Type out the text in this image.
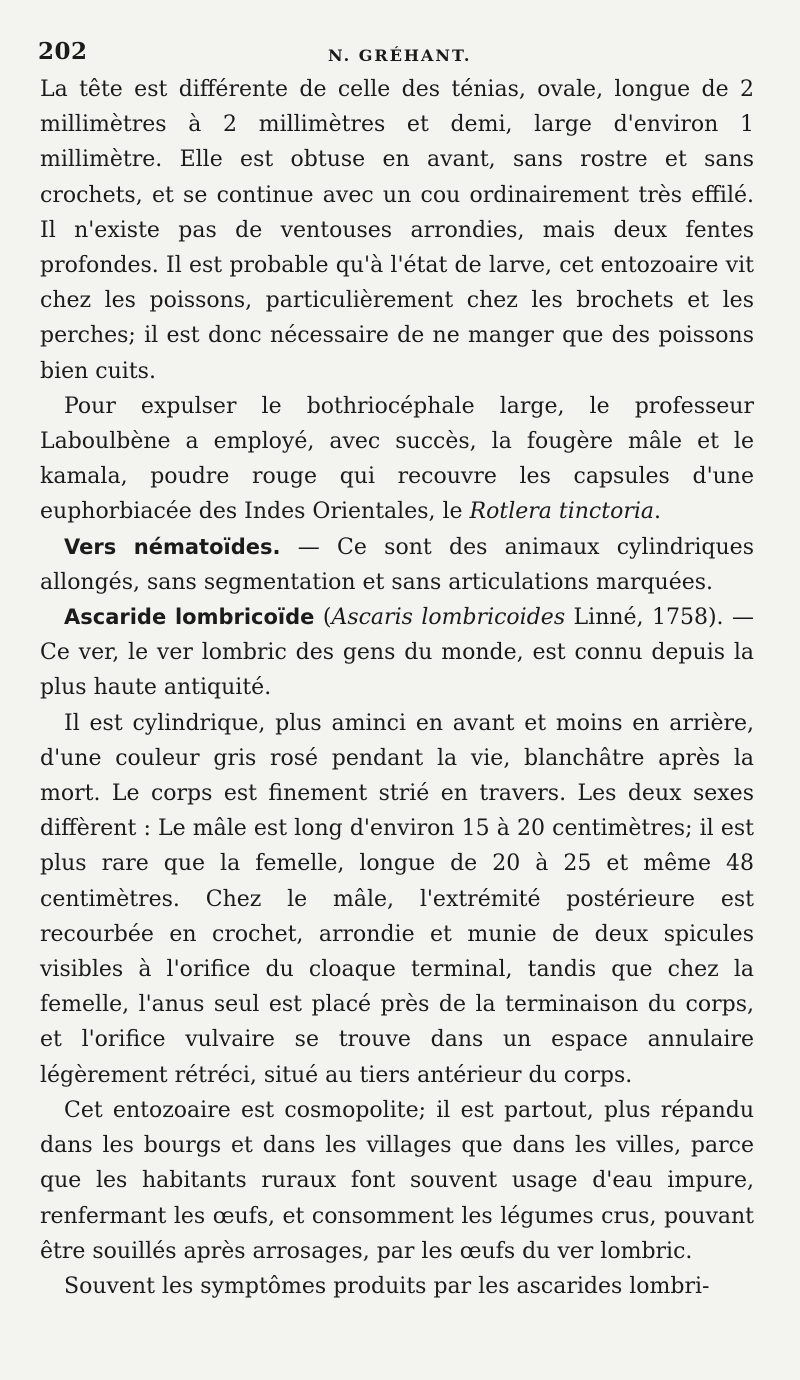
202	N. GRÉHANT.

La tête est différente de celle des ténias, ovale, longue de 2 millimètres à 2 millimètres et demi, large d'environ 1 millimètre. Elle est obtuse en avant, sans rostre et sans crochets, et se continue avec un cou ordinairement très effilé. Il n'existe pas de ventouses arrondies, mais deux fentes profondes. Il est probable qu'à l'état de larve, cet entozoaire vit chez les poissons, particulièrement chez les brochets et les perches; il est donc nécessaire de ne manger que des poissons bien cuits.

Pour expulser le bothriocéphale large, le professeur Laboulbène a employé, avec succès, la fougère mâle et le kamala, poudre rouge qui recouvre les capsules d'une euphorbiacée des Indes Orientales, le Rotlera tinctoria.

Vers nématoïdes. — Ce sont des animaux cylindriques allongés, sans segmentation et sans articulations marquées.

Ascaride lombricoïde (Ascaris lombricoides Linné, 1758). — Ce ver, le ver lombric des gens du monde, est connu depuis la plus haute antiquité.

Il est cylindrique, plus aminci en avant et moins en arrière, d'une couleur gris rosé pendant la vie, blanchâtre après la mort. Le corps est finement strié en travers. Les deux sexes diffèrent : Le mâle est long d'environ 15 à 20 centimètres; il est plus rare que la femelle, longue de 20 à 25 et même 48 centimètres. Chez le mâle, l'extrémité postérieure est recourbée en crochet, arrondie et munie de deux spicules visibles à l'orifice du cloaque terminal, tandis que chez la femelle, l'anus seul est placé près de la terminaison du corps, et l'orifice vulvaire se trouve dans un espace annulaire légèrement rétréci, situé au tiers antérieur du corps.

Cet entozoaire est cosmopolite; il est partout, plus répandu dans les bourgs et dans les villages que dans les villes, parce que les habitants ruraux font souvent usage d'eau impure, renfermant les œufs, et consomment les légumes crus, pouvant être souillés après arrosages, par les œufs du ver lombric.

Souvent les symptômes produits par les ascarides lombri-
